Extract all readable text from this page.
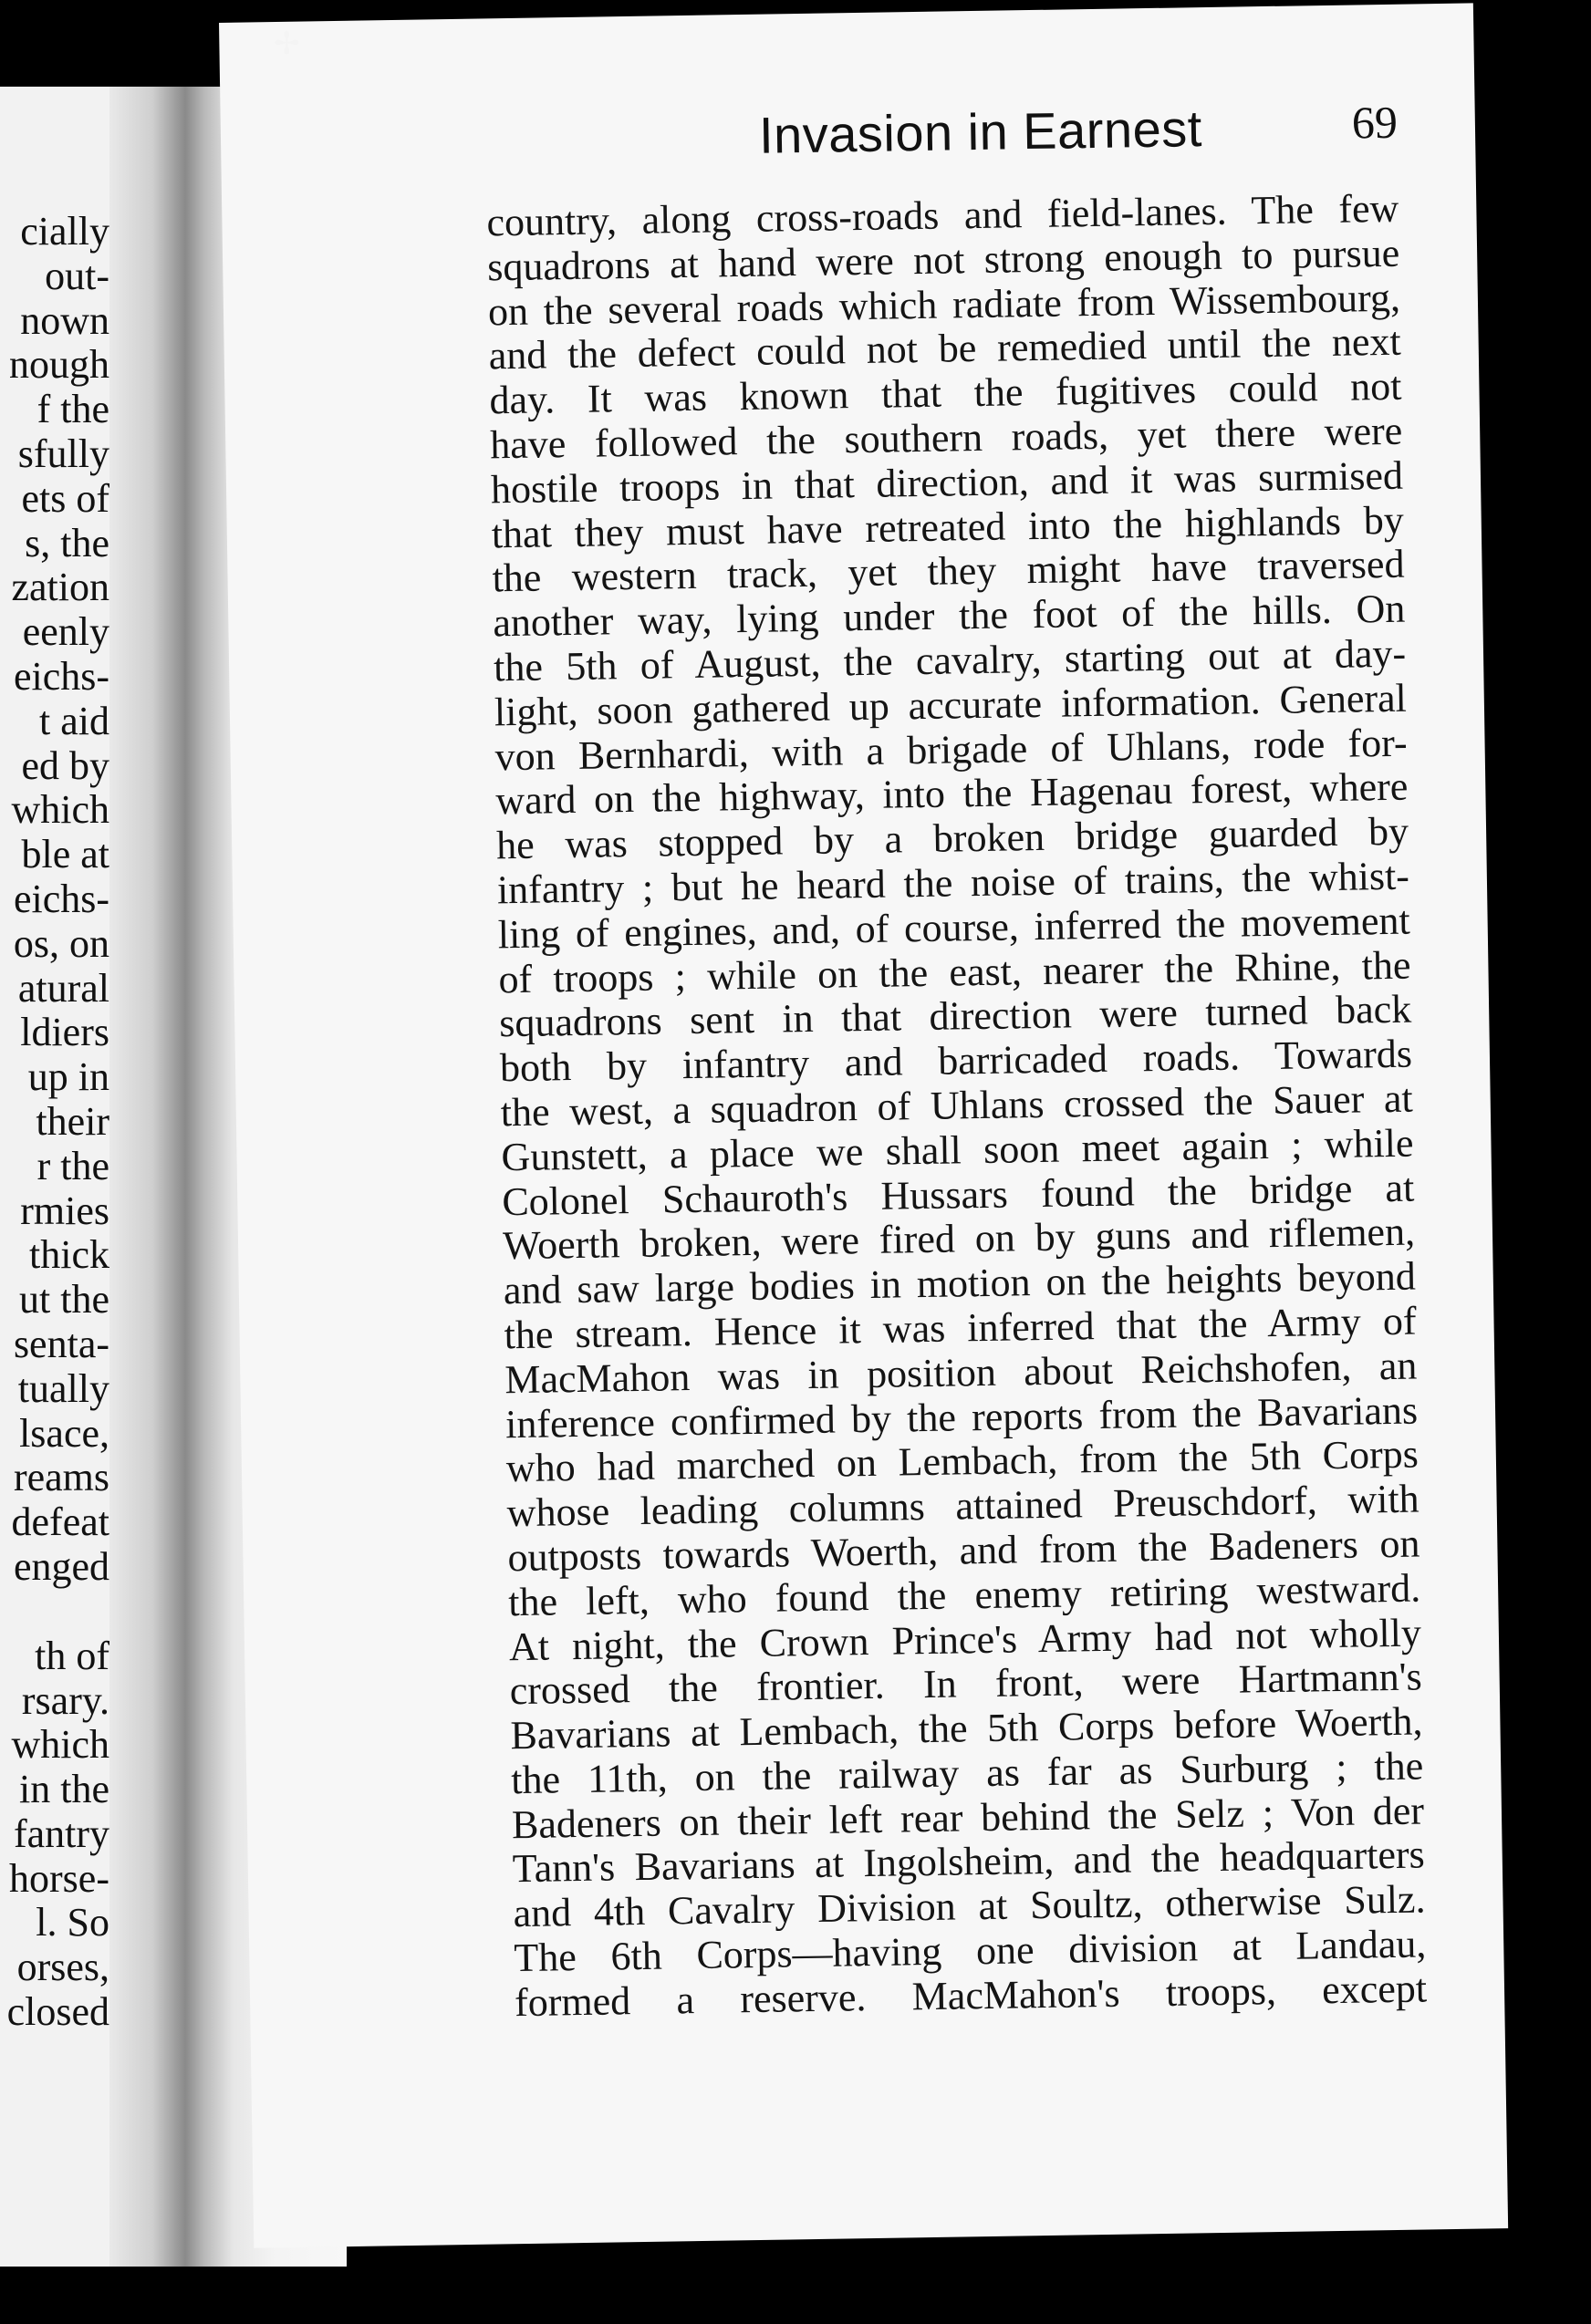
cially
out-
nown
nough
f the
sfully
ets of
s, the
zation
eenly
eichs-
t aid
ed by
which
ble at
eichs-
os, on
atural
ldiers
up in
their
r the
rmies
thick
ut the
senta-
tually
lsace,
reams
defeat
enged
th of
rsary.
which
in the
fantry
horse-
l. So
orses,
closed
Invasion in Earnest	69
country, along cross-roads and field-lanes. The few
squadrons at hand were not strong enough to pursue
on the several roads which radiate from Wissembourg,
and the defect could not be remedied until the next
day. It was known that the fugitives could not
have followed the southern roads, yet there were
hostile troops in that direction, and it was surmised
that they must have retreated into the highlands by
the western track, yet they might have traversed
another way, lying under the foot of the hills. On
the 5th of August, the cavalry, starting out at day-
light, soon gathered up accurate information. General
von Bernhardi, with a brigade of Uhlans, rode for-
ward on the highway, into the Hagenau forest, where
he was stopped by a broken bridge guarded by
infantry ; but he heard the noise of trains, the whist-
ling of engines, and, of course, inferred the movement
of troops ; while on the east, nearer the Rhine, the
squadrons sent in that direction were turned back
both by infantry and barricaded roads. Towards
the west, a squadron of Uhlans crossed the Sauer at
Gunstett, a place we shall soon meet again ; while
Colonel Schauroth's Hussars found the bridge at
Woerth broken, were fired on by guns and riflemen,
and saw large bodies in motion on the heights beyond
the stream. Hence it was inferred that the Army of
MacMahon was in position about Reichshofen, an
inference confirmed by the reports from the Bavarians
who had marched on Lembach, from the 5th Corps
whose leading columns attained Preuschdorf, with
outposts towards Woerth, and from the Badeners on
the left, who found the enemy retiring westward.
At night, the Crown Prince's Army had not wholly
crossed the frontier. In front, were Hartmann's
Bavarians at Lembach, the 5th Corps before Woerth,
the 11th, on the railway as far as Surburg ; the
Badeners on their left rear behind the Selz ; Von der
Tann's Bavarians at Ingolsheim, and the headquarters
and 4th Cavalry Division at Soultz, otherwise Sulz.
The 6th Corps—having one division at Landau,
formed a reserve. MacMahon's troops, except
✢
